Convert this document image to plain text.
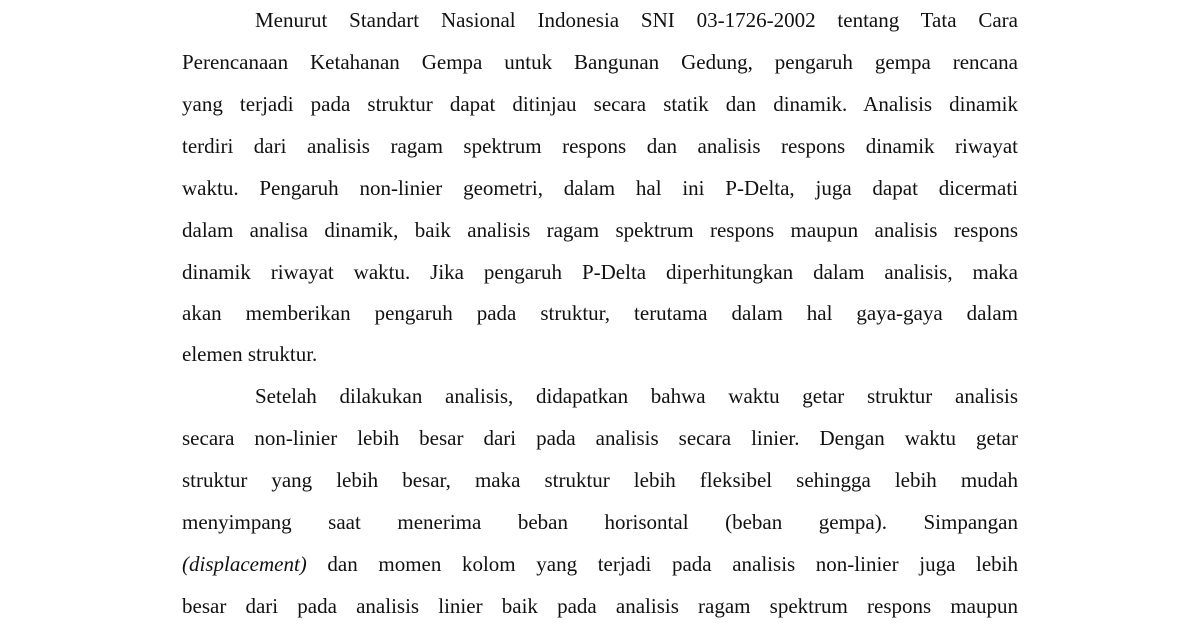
Menurut Standart Nasional Indonesia SNI 03-1726-2002 tentang Tata Cara
Perencanaan Ketahanan Gempa untuk Bangunan Gedung, pengaruh gempa rencana
yang terjadi pada struktur dapat ditinjau secara statik dan dinamik. Analisis dinamik
terdiri dari analisis ragam spektrum respons dan analisis respons dinamik riwayat
waktu. Pengaruh non-linier geometri, dalam hal ini P-Delta, juga dapat dicermati
dalam analisa dinamik, baik analisis ragam spektrum respons maupun analisis respons
dinamik riwayat waktu. Jika pengaruh P-Delta diperhitungkan dalam analisis, maka
akan memberikan pengaruh pada struktur, terutama dalam hal gaya-gaya dalam
elemen struktur.
Setelah dilakukan analisis, didapatkan bahwa waktu getar struktur analisis
secara non-linier lebih besar dari pada analisis secara linier. Dengan waktu getar
struktur yang lebih besar, maka struktur lebih fleksibel sehingga lebih mudah
menyimpang saat menerima beban horisontal (beban gempa). Simpangan
(displacement) dan momen kolom yang terjadi pada analisis non-linier juga lebih
besar dari pada analisis linier baik pada analisis ragam spektrum respons maupun
